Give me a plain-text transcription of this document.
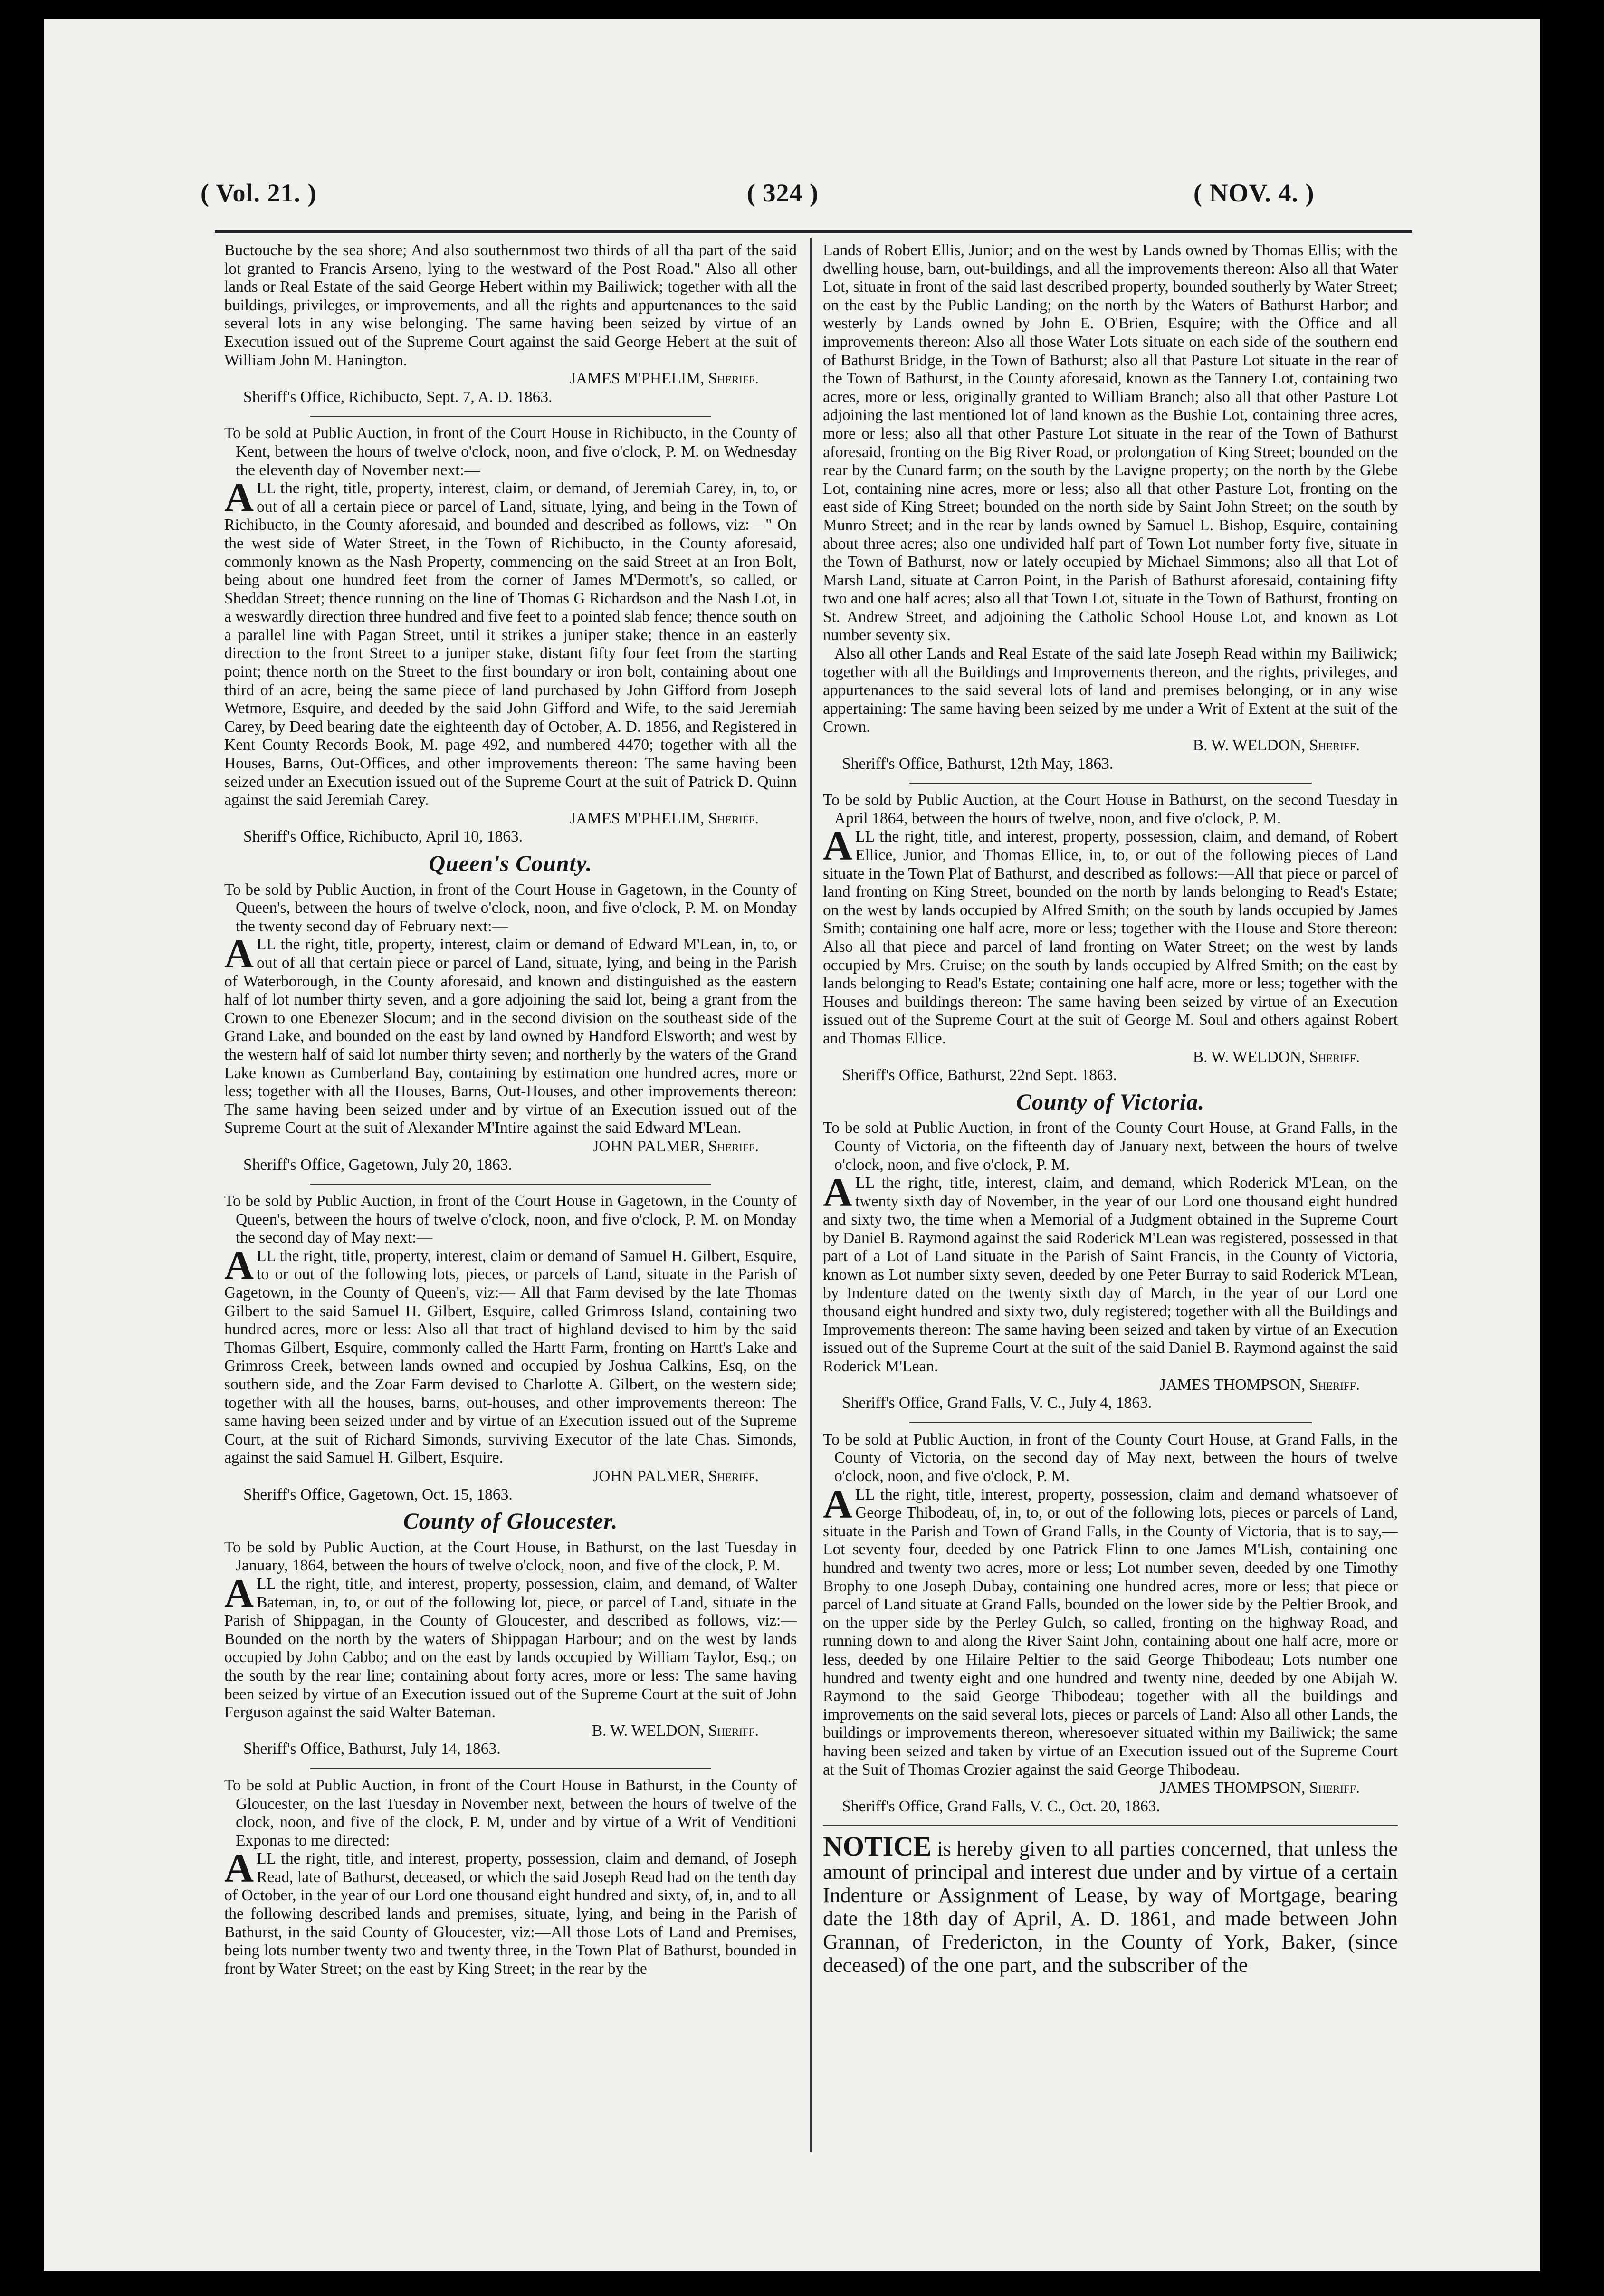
( Vol. 21. )	( 324 )	( NOV. 4. )

Buctouche by the sea shore; And also southernmost two thirds of all tha part of the said lot granted to Francis Arseno, lying to the westward of the Post Road." Also all other lands or Real Estate of the said George Hebert within my Bailiwick; together with all the buildings, privileges, or improvements, and all the rights and appurtenances to the said several lots in any wise belonging. The same having been seized by virtue of an Execution issued out of the Supreme Court against the said George Hebert at the suit of William John M. Hanington.

JAMES M'PHELIM, Sheriff.

Sheriff's Office, Richibucto, Sept. 7, A. D. 1863.

To be sold at Public Auction, in front of the Court House in Richibucto, in the County of Kent, between the hours of twelve o'clock, noon, and five o'clock, P. M. on Wednesday the eleventh day of November next:—

ALL the right, title, property, interest, claim, or demand, of Jeremiah Carey, in, to, or out of all a certain piece or parcel of Land, situate, lying, and being in the Town of Richibucto, in the County aforesaid, and bounded and described as follows, viz:—" On the west side of Water Street, in the Town of Richibucto, in the County aforesaid, commonly known as the Nash Property, commencing on the said Street at an Iron Bolt, being about one hundred feet from the corner of James M'Dermott's, so called, or Sheddan Street; thence running on the line of Thomas G Richardson and the Nash Lot, in a weswardly direction three hundred and five feet to a pointed slab fence; thence south on a parallel line with Pagan Street, until it strikes a juniper stake; thence in an easterly direction to the front Street to a juniper stake, distant fifty four feet from the starting point; thence north on the Street to the first boundary or iron bolt, containing about one third of an acre, being the same piece of land purchased by John Gifford from Joseph Wetmore, Esquire, and deeded by the said John Gifford and Wife, to the said Jeremiah Carey, by Deed bearing date the eighteenth day of October, A. D. 1856, and Registered in Kent County Records Book, M. page 492, and numbered 4470; together with all the Houses, Barns, Out-Offices, and other improvements thereon: The same having been seized under an Execution issued out of the Supreme Court at the suit of Patrick D. Quinn against the said Jeremiah Carey.

JAMES M'PHELIM, Sheriff.

Sheriff's Office, Richibucto, April 10, 1863.

Queen's County.

To be sold by Public Auction, in front of the Court House in Gagetown, in the County of Queen's, between the hours of twelve o'clock, noon, and five o'clock, P. M. on Monday the twenty second day of February next:—

ALL the right, title, property, interest, claim or demand of Edward M'Lean, in, to, or out of all that certain piece or parcel of Land, situate, lying, and being in the Parish of Waterborough, in the County aforesaid, and known and distinguished as the eastern half of lot number thirty seven, and a gore adjoining the said lot, being a grant from the Crown to one Ebenezer Slocum; and in the second division on the southeast side of the Grand Lake, and bounded on the east by land owned by Handford Elsworth; and west by the western half of said lot number thirty seven; and northerly by the waters of the Grand Lake known as Cumberland Bay, containing by estimation one hundred acres, more or less; together with all the Houses, Barns, Out-Houses, and other improvements thereon: The same having been seized under and by virtue of an Execution issued out of the Supreme Court at the suit of Alexander M'Intire against the said Edward M'Lean.

JOHN PALMER, Sheriff.

Sheriff's Office, Gagetown, July 20, 1863.

To be sold by Public Auction, in front of the Court House in Gagetown, in the County of Queen's, between the hours of twelve o'clock, noon, and five o'clock, P. M. on Monday the second day of May next:—

ALL the right, title, property, interest, claim or demand of Samuel H. Gilbert, Esquire, to or out of the following lots, pieces, or parcels of Land, situate in the Parish of Gagetown, in the County of Queen's, viz:— All that Farm devised by the late Thomas Gilbert to the said Samuel H. Gilbert, Esquire, called Grimross Island, containing two hundred acres, more or less: Also all that tract of highland devised to him by the said Thomas Gilbert, Esquire, commonly called the Hartt Farm, fronting on Hartt's Lake and Grimross Creek, between lands owned and occupied by Joshua Calkins, Esq, on the southern side, and the Zoar Farm devised to Charlotte A. Gilbert, on the western side; together with all the houses, barns, out-houses, and other improvements thereon: The same having been seized under and by virtue of an Execution issued out of the Supreme Court, at the suit of Richard Simonds, surviving Executor of the late Chas. Simonds, against the said Samuel H. Gilbert, Esquire.

JOHN PALMER, Sheriff.

Sheriff's Office, Gagetown, Oct. 15, 1863.

County of Gloucester.

To be sold by Public Auction, at the Court House, in Bathurst, on the last Tuesday in January, 1864, between the hours of twelve o'clock, noon, and five of the clock, P. M.

ALL the right, title, and interest, property, possession, claim, and demand, of Walter Bateman, in, to, or out of the following lot, piece, or parcel of Land, situate in the Parish of Shippagan, in the County of Gloucester, and described as follows, viz:—Bounded on the north by the waters of Shippagan Harbour; and on the west by lands occupied by John Cabbo; and on the east by lands occupied by William Taylor, Esq.; on the south by the rear line; containing about forty acres, more or less: The same having been seized by virtue of an Execution issued out of the Supreme Court at the suit of John Ferguson against the said Walter Bateman.

B. W. WELDON, Sheriff.

Sheriff's Office, Bathurst, July 14, 1863.

To be sold at Public Auction, in front of the Court House in Bathurst, in the County of Gloucester, on the last Tuesday in November next, between the hours of twelve of the clock, noon, and five of the clock, P. M, under and by virtue of a Writ of Venditioni Exponas to me directed:

ALL the right, title, and interest, property, possession, claim and demand, of Joseph Read, late of Bathurst, deceased, or which the said Joseph Read had on the tenth day of October, in the year of our Lord one thousand eight hundred and sixty, of, in, and to all the following described lands and premises, situate, lying, and being in the Parish of Bathurst, in the said County of Gloucester, viz:—All those Lots of Land and Premises, being lots number twenty two and twenty three, in the Town Plat of Bathurst, bounded in front by Water Street; on the east by King Street; in the rear by the

Lands of Robert Ellis, Junior; and on the west by Lands owned by Thomas Ellis; with the dwelling house, barn, out-buildings, and all the improvements thereon: Also all that Water Lot, situate in front of the said last described property, bounded southerly by Water Street; on the east by the Public Landing; on the north by the Waters of Bathurst Harbor; and westerly by Lands owned by John E. O'Brien, Esquire; with the Office and all improvements thereon: Also all those Water Lots situate on each side of the southern end of Bathurst Bridge, in the Town of Bathurst; also all that Pasture Lot situate in the rear of the Town of Bathurst, in the County aforesaid, known as the Tannery Lot, containing two acres, more or less, originally granted to William Branch; also all that other Pasture Lot adjoining the last mentioned lot of land known as the Bushie Lot, containing three acres, more or less; also all that other Pasture Lot situate in the rear of the Town of Bathurst aforesaid, fronting on the Big River Road, or prolongation of King Street; bounded on the rear by the Cunard farm; on the south by the Lavigne property; on the north by the Glebe Lot, containing nine acres, more or less; also all that other Pasture Lot, fronting on the east side of King Street; bounded on the north side by Saint John Street; on the south by Munro Street; and in the rear by lands owned by Samuel L. Bishop, Esquire, containing about three acres; also one undivided half part of Town Lot number forty five, situate in the Town of Bathurst, now or lately occupied by Michael Simmons; also all that Lot of Marsh Land, situate at Carron Point, in the Parish of Bathurst aforesaid, containing fifty two and one half acres; also all that Town Lot, situate in the Town of Bathurst, fronting on St. Andrew Street, and adjoining the Catholic School House Lot, and known as Lot number seventy six.

Also all other Lands and Real Estate of the said late Joseph Read within my Bailiwick; together with all the Buildings and Improvements thereon, and the rights, privileges, and appurtenances to the said several lots of land and premises belonging, or in any wise appertaining: The same having been seized by me under a Writ of Extent at the suit of the Crown.

B. W. WELDON, Sheriff.

Sheriff's Office, Bathurst, 12th May, 1863.

To be sold by Public Auction, at the Court House in Bathurst, on the second Tuesday in April 1864, between the hours of twelve, noon, and five o'clock, P. M.

ALL the right, title, and interest, property, possession, claim, and demand, of Robert Ellice, Junior, and Thomas Ellice, in, to, or out of the following pieces of Land situate in the Town Plat of Bathurst, and described as follows:—All that piece or parcel of land fronting on King Street, bounded on the north by lands belonging to Read's Estate; on the west by lands occupied by Alfred Smith; on the south by lands occupied by James Smith; containing one half acre, more or less; together with the House and Store thereon: Also all that piece and parcel of land fronting on Water Street; on the west by lands occupied by Mrs. Cruise; on the south by lands occupied by Alfred Smith; on the east by lands belonging to Read's Estate; containing one half acre, more or less; together with the Houses and buildings thereon: The same having been seized by virtue of an Execution issued out of the Supreme Court at the suit of George M. Soul and others against Robert and Thomas Ellice.

B. W. WELDON, Sheriff.

Sheriff's Office, Bathurst, 22nd Sept. 1863.

County of Victoria.

To be sold at Public Auction, in front of the County Court House, at Grand Falls, in the County of Victoria, on the fifteenth day of January next, between the hours of twelve o'clock, noon, and five o'clock, P. M.

ALL the right, title, interest, claim, and demand, which Roderick M'Lean, on the twenty sixth day of November, in the year of our Lord one thousand eight hundred and sixty two, the time when a Memorial of a Judgment obtained in the Supreme Court by Daniel B. Raymond against the said Roderick M'Lean was registered, possessed in that part of a Lot of Land situate in the Parish of Saint Francis, in the County of Victoria, known as Lot number sixty seven, deeded by one Peter Burray to said Roderick M'Lean, by Indenture dated on the twenty sixth day of March, in the year of our Lord one thousand eight hundred and sixty two, duly registered; together with all the Buildings and Improvements thereon: The same having been seized and taken by virtue of an Execution issued out of the Supreme Court at the suit of the said Daniel B. Raymond against the said Roderick M'Lean.

JAMES THOMPSON, Sheriff.

Sheriff's Office, Grand Falls, V. C., July 4, 1863.

To be sold at Public Auction, in front of the County Court House, at Grand Falls, in the County of Victoria, on the second day of May next, between the hours of twelve o'clock, noon, and five o'clock, P. M.

ALL the right, title, interest, property, possession, claim and demand whatsoever of George Thibodeau, of, in, to, or out of the following lots, pieces or parcels of Land, situate in the Parish and Town of Grand Falls, in the County of Victoria, that is to say,—Lot seventy four, deeded by one Patrick Flinn to one James M'Lish, containing one hundred and twenty two acres, more or less; Lot number seven, deeded by one Timothy Brophy to one Joseph Dubay, containing one hundred acres, more or less; that piece or parcel of Land situate at Grand Falls, bounded on the lower side by the Peltier Brook, and on the upper side by the Perley Gulch, so called, fronting on the highway Road, and running down to and along the River Saint John, containing about one half acre, more or less, deeded by one Hilaire Peltier to the said George Thibodeau; Lots number one hundred and twenty eight and one hundred and twenty nine, deeded by one Abijah W. Raymond to the said George Thibodeau; together with all the buildings and improvements on the said several lots, pieces or parcels of Land: Also all other Lands, the buildings or improvements thereon, wheresoever situated within my Bailiwick; the same having been seized and taken by virtue of an Execution issued out of the Supreme Court at the Suit of Thomas Crozier against the said George Thibodeau.

JAMES THOMPSON, Sheriff.

Sheriff's Office, Grand Falls, V. C., Oct. 20, 1863.

NOTICE is hereby given to all parties concerned, that unless the amount of principal and interest due under and by virtue of a certain Indenture or Assignment of Lease, by way of Mortgage, bearing date the 18th day of April, A. D. 1861, and made between John Grannan, of Fredericton, in the County of York, Baker, (since deceased) of the one part, and the subscriber of the
